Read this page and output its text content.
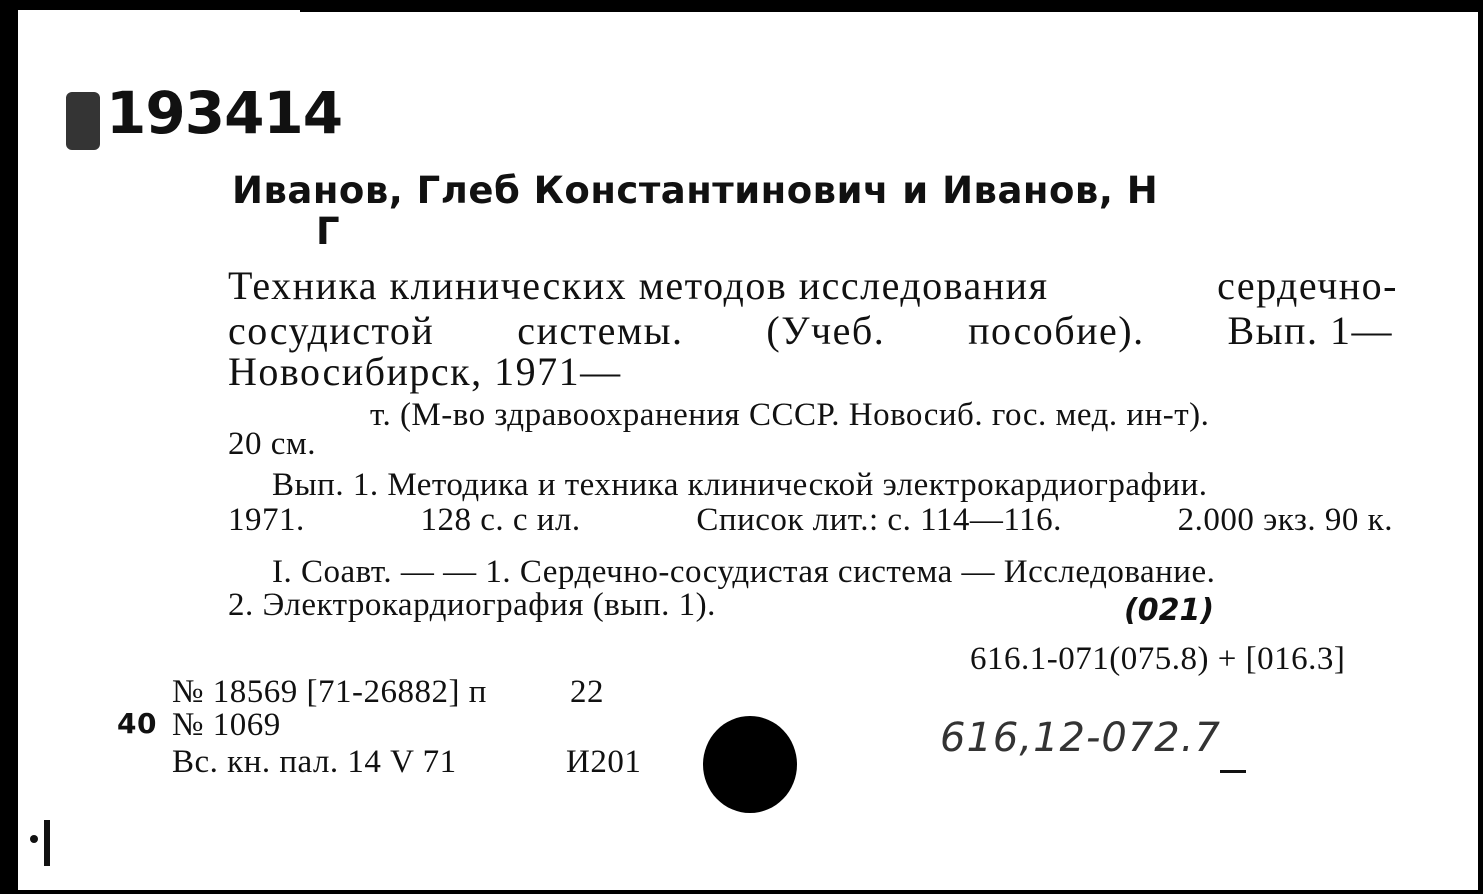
193414
Иванов, Глеб Константинович и Иванов, Н
Г
Техника клинических методов исследования	сердечно-
сосудистой системы. (Учеб. пособие). Вып. 1—
Новосибирск, 1971—
т. (М-во здравоохранения СССР. Новосиб. гос. мед. ин-т).
20 см.
Вып. 1. Методика и техника клинической электрокардиографии.
1971.	128 с. с ил.	Список лит.: с. 114—116.	2.000 экз. 90 к.
I. Соавт. — — 1. Сердечно-сосудистая система — Исследование.
2. Электрокардиография (вып. 1).	(021)
616.1-071(075.8) + [016.3]
№ 18569 [71-26882] п	22
40 № 1069
Вс. кн. пал. 14 V 71	И201
616,12-072.7
